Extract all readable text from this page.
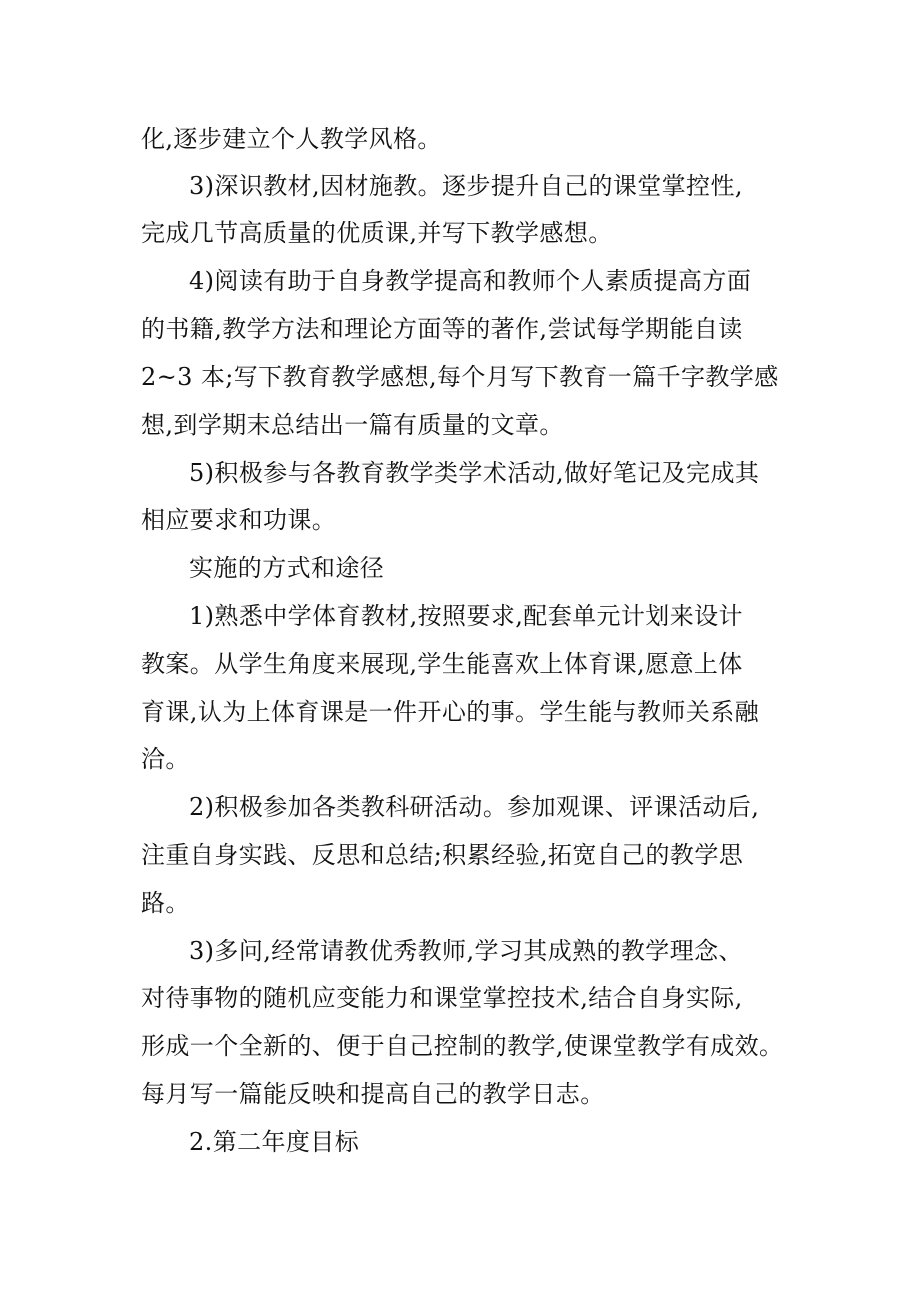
化,逐步建立个人教学风格。
3)深识教材,因材施教。逐步提升自己的课堂掌控性,
完成几节高质量的优质课,并写下教学感想。
4)阅读有助于自身教学提高和教师个人素质提高方面
的书籍,教学方法和理论方面等的著作,尝试每学期能自读
2~3 本;写下教育教学感想,每个月写下教育一篇千字教学感
想,到学期末总结出一篇有质量的文章。
5)积极参与各教育教学类学术活动,做好笔记及完成其
相应要求和功课。
实施的方式和途径
1)熟悉中学体育教材,按照要求,配套单元计划来设计
教案。从学生角度来展现,学生能喜欢上体育课,愿意上体
育课,认为上体育课是一件开心的事。学生能与教师关系融
洽。
2)积极参加各类教科研活动。参加观课、评课活动后,
注重自身实践、反思和总结;积累经验,拓宽自己的教学思
路。
3)多问,经常请教优秀教师,学习其成熟的教学理念、
对待事物的随机应变能力和课堂掌控技术,结合自身实际,
形成一个全新的、便于自己控制的教学,使课堂教学有成效。
每月写一篇能反映和提高自己的教学日志。
2.第二年度目标
